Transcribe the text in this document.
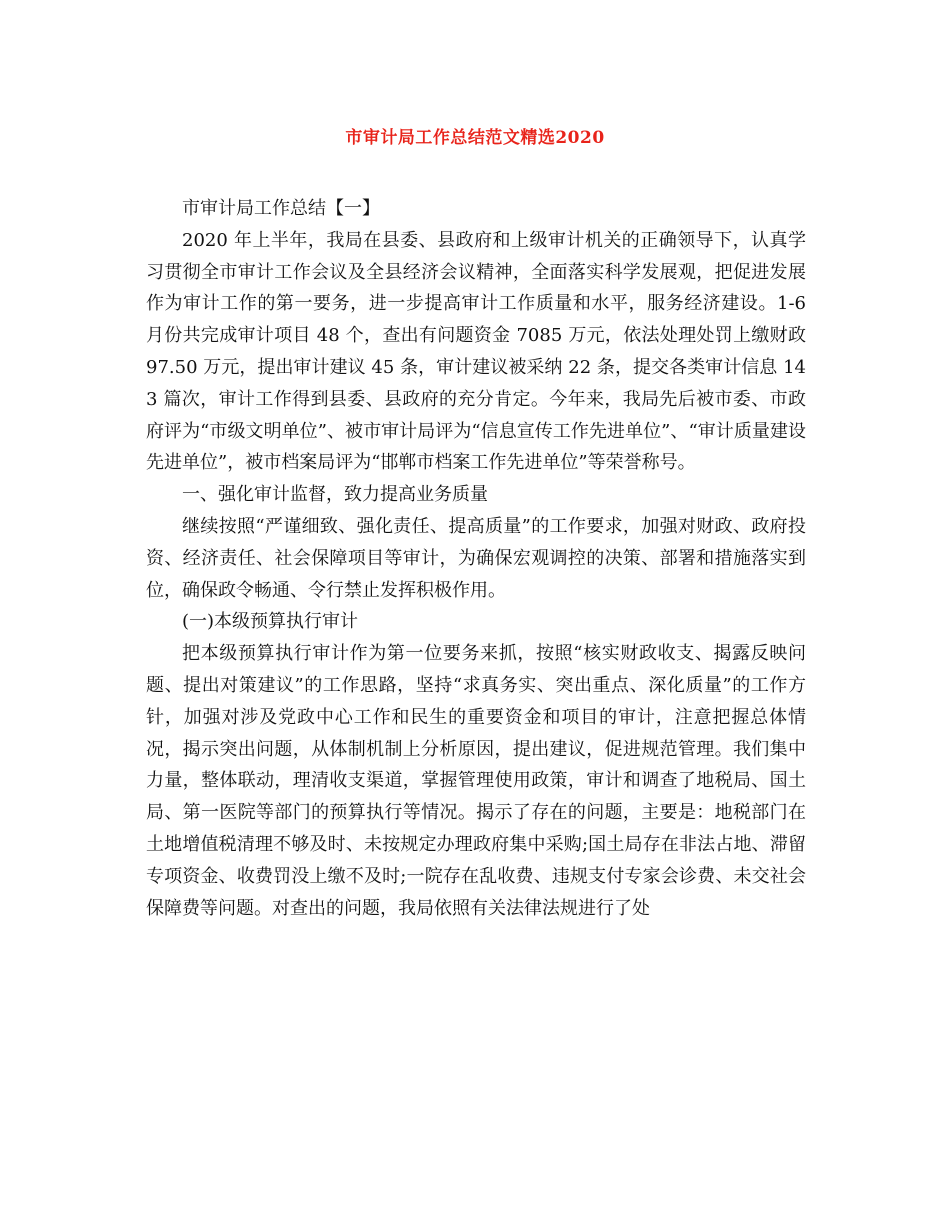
市审计局工作总结范文精选2020

市审计局工作总结【一】

2020 年上半年，我局在县委、县政府和上级审计机关的正确领导下，认真学习贯彻全市审计工作会议及全县经济会议精神，全面落实科学发展观，把促进发展作为审计工作的第一要务，进一步提高审计工作质量和水平，服务经济建设。1-6 月份共完成审计项目 48 个，查出有问题资金 7085 万元，依法处理处罚上缴财政 97.50 万元，提出审计建议 45 条，审计建议被采纳 22 条，提交各类审计信息 143 篇次，审计工作得到县委、县政府的充分肯定。今年来，我局先后被市委、市政府评为“市级文明单位”、被市审计局评为“信息宣传工作先进单位”、“审计质量建设先进单位”，被市档案局评为“邯郸市档案工作先进单位”等荣誉称号。

一、强化审计监督，致力提高业务质量

继续按照“严谨细致、强化责任、提高质量”的工作要求，加强对财政、政府投资、经济责任、社会保障项目等审计，为确保宏观调控的决策、部署和措施落实到位，确保政令畅通、令行禁止发挥积极作用。

(一)本级预算执行审计

把本级预算执行审计作为第一位要务来抓，按照“核实财政收支、揭露反映问题、提出对策建议”的工作思路，坚持“求真务实、突出重点、深化质量”的工作方针，加强对涉及党政中心工作和民生的重要资金和项目的审计，注意把握总体情况，揭示突出问题，从体制机制上分析原因，提出建议，促进规范管理。我们集中力量，整体联动，理清收支渠道，掌握管理使用政策，审计和调查了地税局、国土局、第一医院等部门的预算执行等情况。揭示了存在的问题，主要是：地税部门在土地增值税清理不够及时、未按规定办理政府集中采购;国土局存在非法占地、滞留专项资金、收费罚没上缴不及时;一院存在乱收费、违规支付专家会诊费、未交社会保障费等问题。对查出的问题，我局依照有关法律法规进行了处
